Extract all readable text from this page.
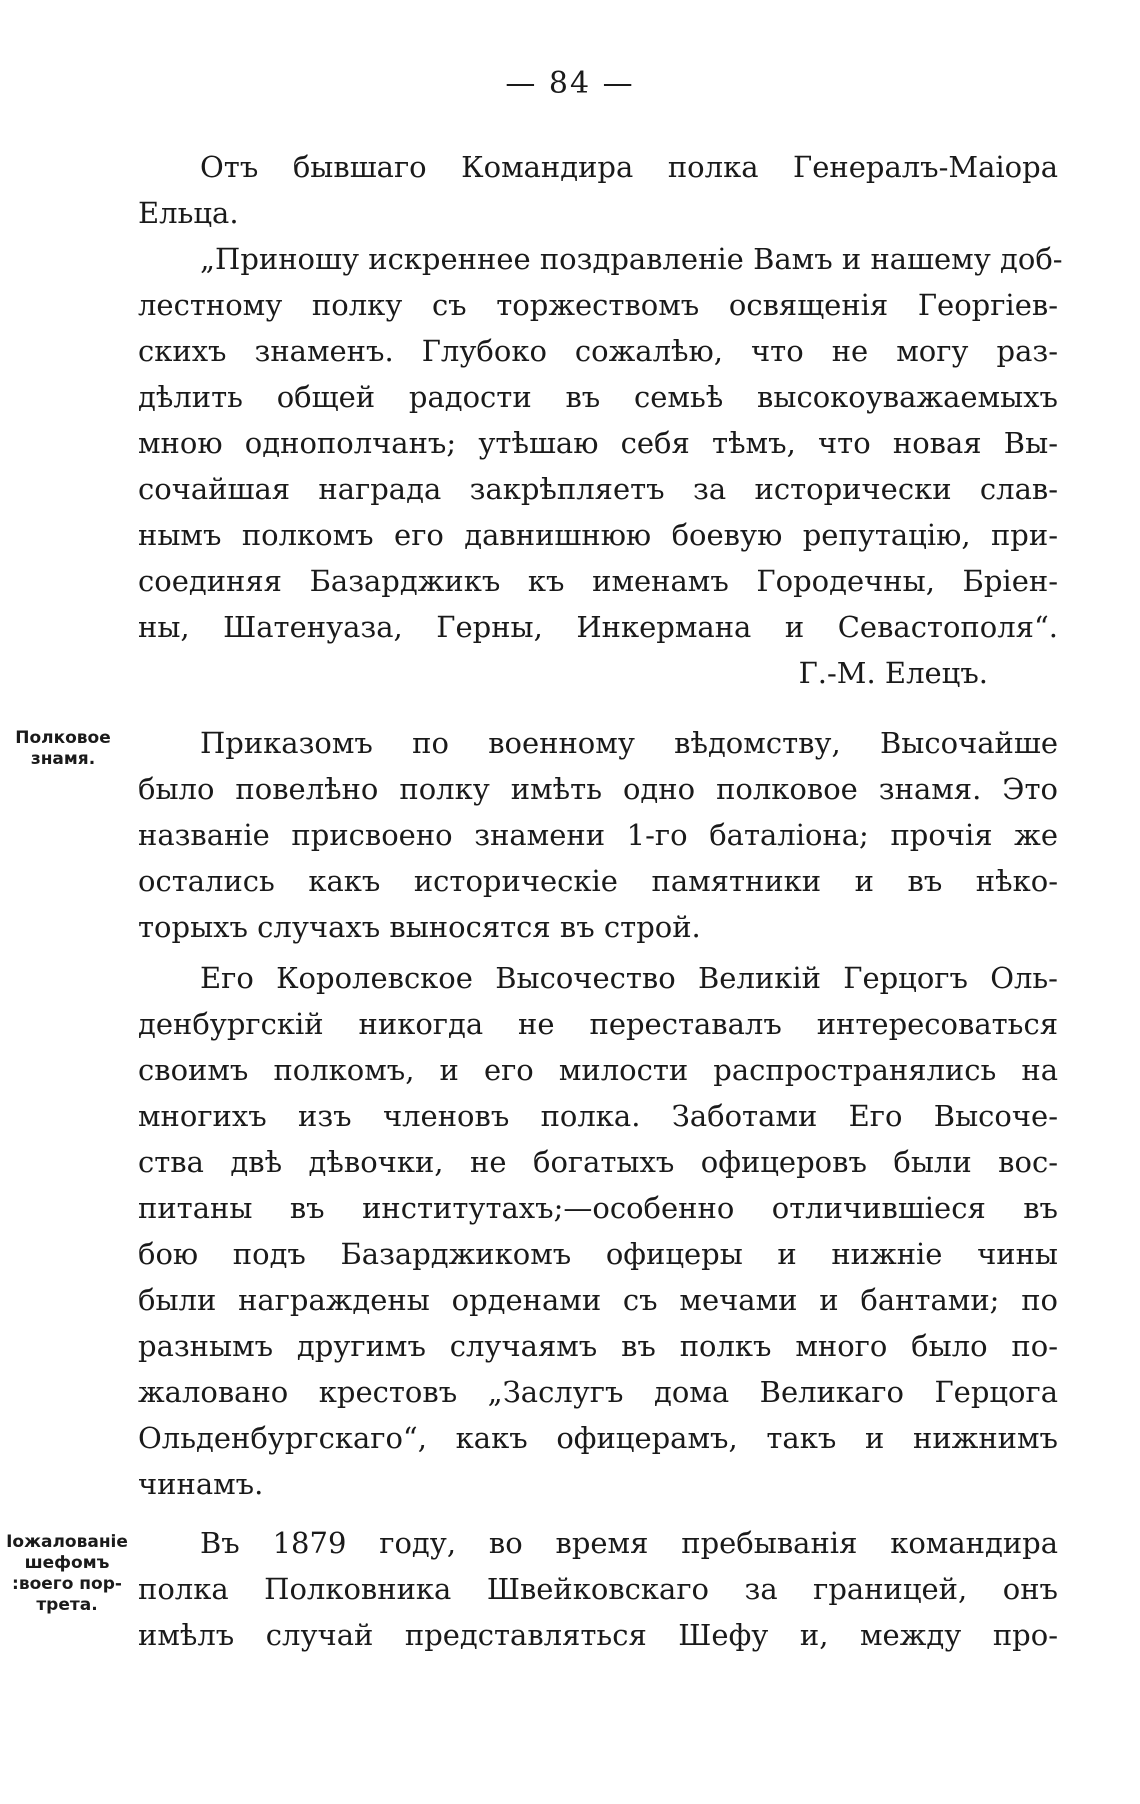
— 84 —
Отъ бывшаго Командира полка Генералъ-Маіора
Ельца.
„Приношу искреннее поздравленіе Вамъ и нашему доб-
лестному полку съ торжествомъ освященія Георгіев-
скихъ знаменъ. Глубоко сожалѣю, что не могу раз-
дѣлить общей радости въ семьѣ высокоуважаемыхъ
мною однополчанъ; утѣшаю себя тѣмъ, что новая Вы-
сочайшая награда закрѣпляетъ за исторически слав-
нымъ полкомъ его давнишнюю боевую репутацію, при-
соединяя Базарджикъ къ именамъ Городечны, Бріен-
ны, Шатенуаза, Герны, Инкермана и Севастополя“.
Г.-М. Елецъ.
Приказомъ по военному вѣдомству, Высочайше
было повелѣно полку имѣть одно полковое знамя. Это
названіе присвоено знамени 1-го баталіона; прочія же
остались какъ историческіе памятники и въ нѣко-
торыхъ случахъ выносятся въ строй.
Его Королевское Высочество Великій Герцогъ Оль-
денбургскій никогда не переставалъ интересоваться
своимъ полкомъ, и его милости распространялись на
многихъ изъ членовъ полка. Заботами Его Высоче-
ства двѣ дѣвочки, не богатыхъ офицеровъ были вос-
питаны въ институтахъ;—особенно отличившіеся въ
бою подъ Базарджикомъ офицеры и нижніе чины
были награждены орденами съ мечами и бантами; по
разнымъ другимъ случаямъ въ полкъ много было по-
жаловано крестовъ „Заслугъ дома Великаго Герцога
Ольденбургскаго“, какъ офицерамъ, такъ и нижнимъ
чинамъ.
Въ 1879 году, во время пребыванія командира
полка Полковника Швейковскаго за границей, онъ
имѣлъ случай представляться Шефу и, между про-
Полковое
знамя.
Іожалованіе
шефомъ
:воего пор-
трета.
